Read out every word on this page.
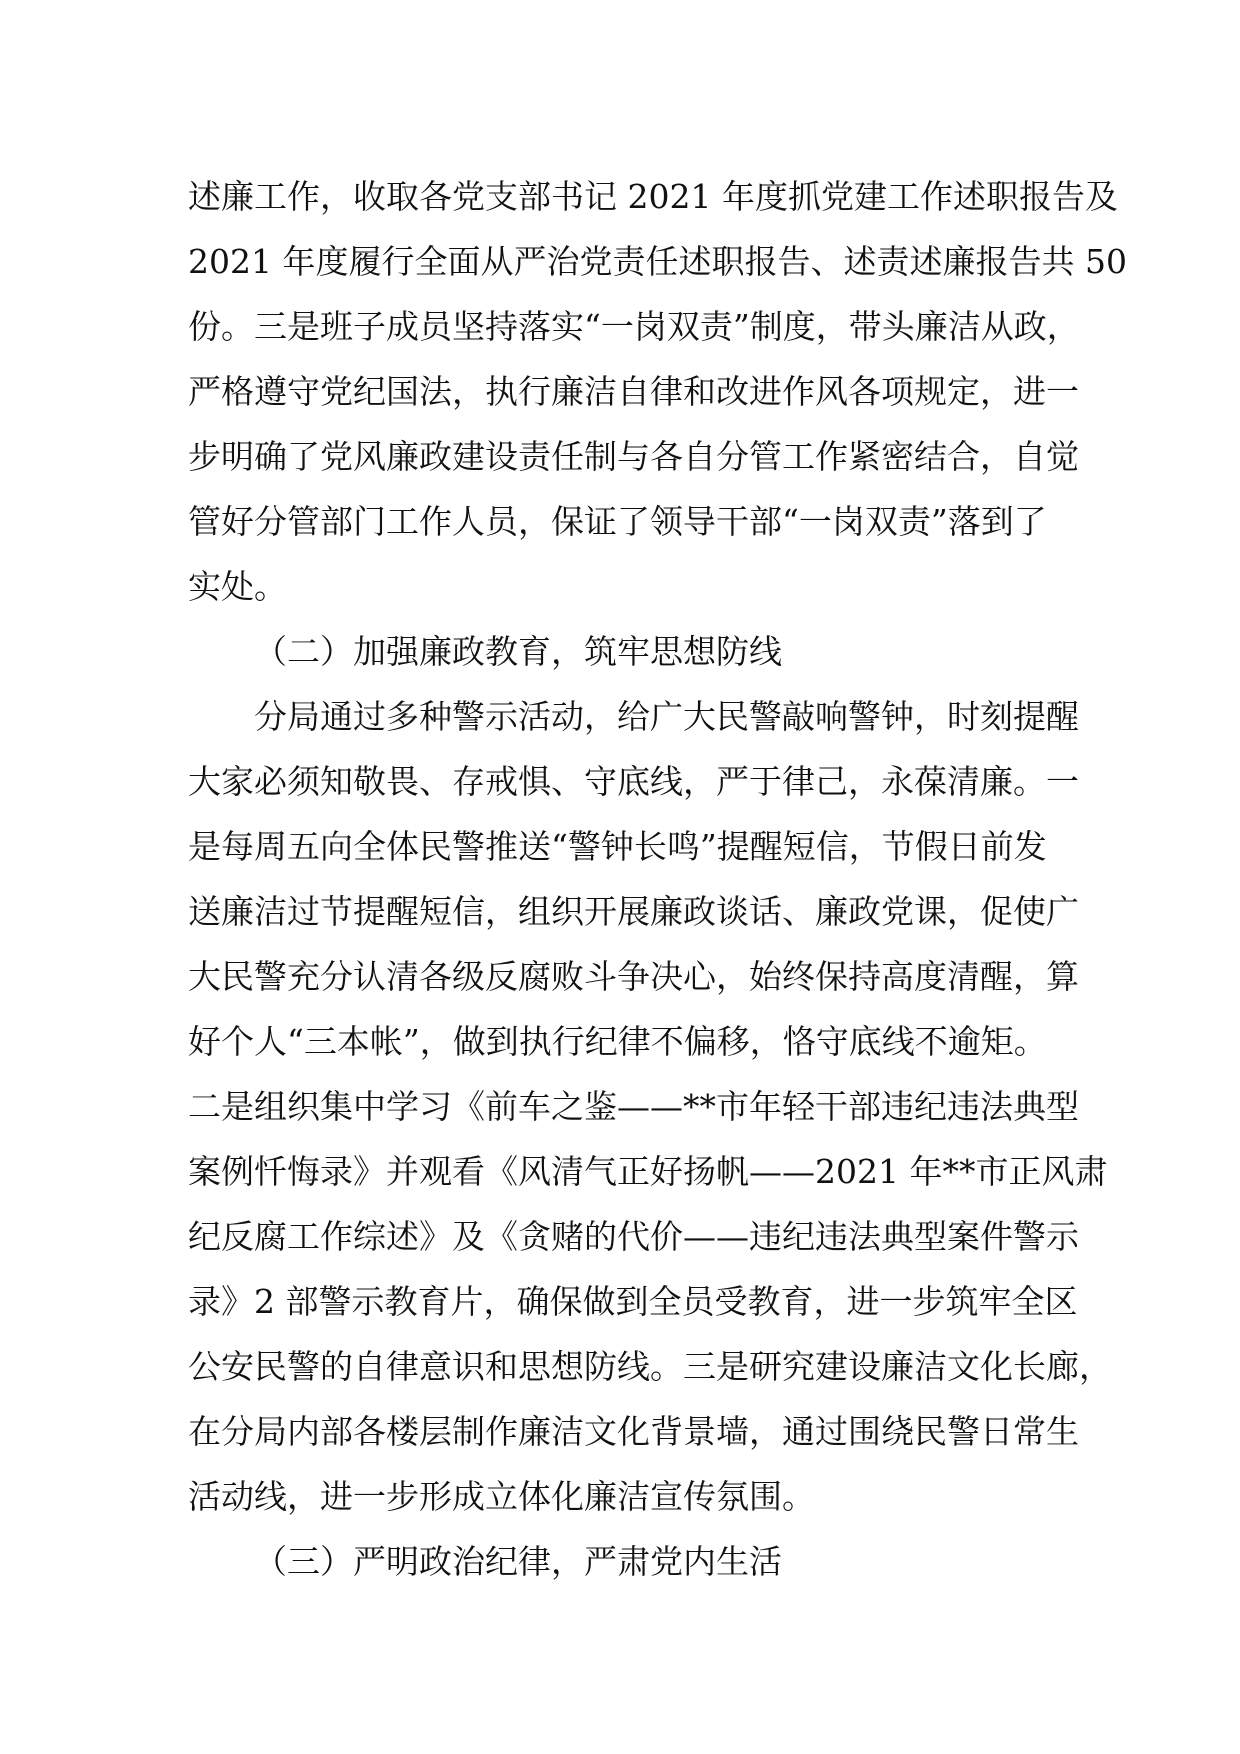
述廉工作，收取各党支部书记 2021 年度抓党建工作述职报告及
2021 年度履行全面从严治党责任述职报告、述责述廉报告共 50
份。三是班子成员坚持落实“一岗双责”制度，带头廉洁从政，
严格遵守党纪国法，执行廉洁自律和改进作风各项规定，进一
步明确了党风廉政建设责任制与各自分管工作紧密结合，自觉
管好分管部门工作人员，保证了领导干部“一岗双责”落到了
实处。
（二）加强廉政教育，筑牢思想防线
分局通过多种警示活动，给广大民警敲响警钟，时刻提醒
大家必须知敬畏、存戒惧、守底线，严于律己，永葆清廉。一
是每周五向全体民警推送“警钟长鸣”提醒短信，节假日前发
送廉洁过节提醒短信，组织开展廉政谈话、廉政党课，促使广
大民警充分认清各级反腐败斗争决心，始终保持高度清醒，算
好个人“三本帐”，做到执行纪律不偏移，恪守底线不逾矩。
二是组织集中学习《前车之鉴——**市年轻干部违纪违法典型
案例忏悔录》并观看《风清气正好扬帆——2021 年**市正风肃
纪反腐工作综述》及《贪赌的代价——违纪违法典型案件警示
录》2 部警示教育片，确保做到全员受教育，进一步筑牢全区
公安民警的自律意识和思想防线。三是研究建设廉洁文化长廊，
在分局内部各楼层制作廉洁文化背景墙，通过围绕民警日常生
活动线，进一步形成立体化廉洁宣传氛围。
（三）严明政治纪律，严肃党内生活
